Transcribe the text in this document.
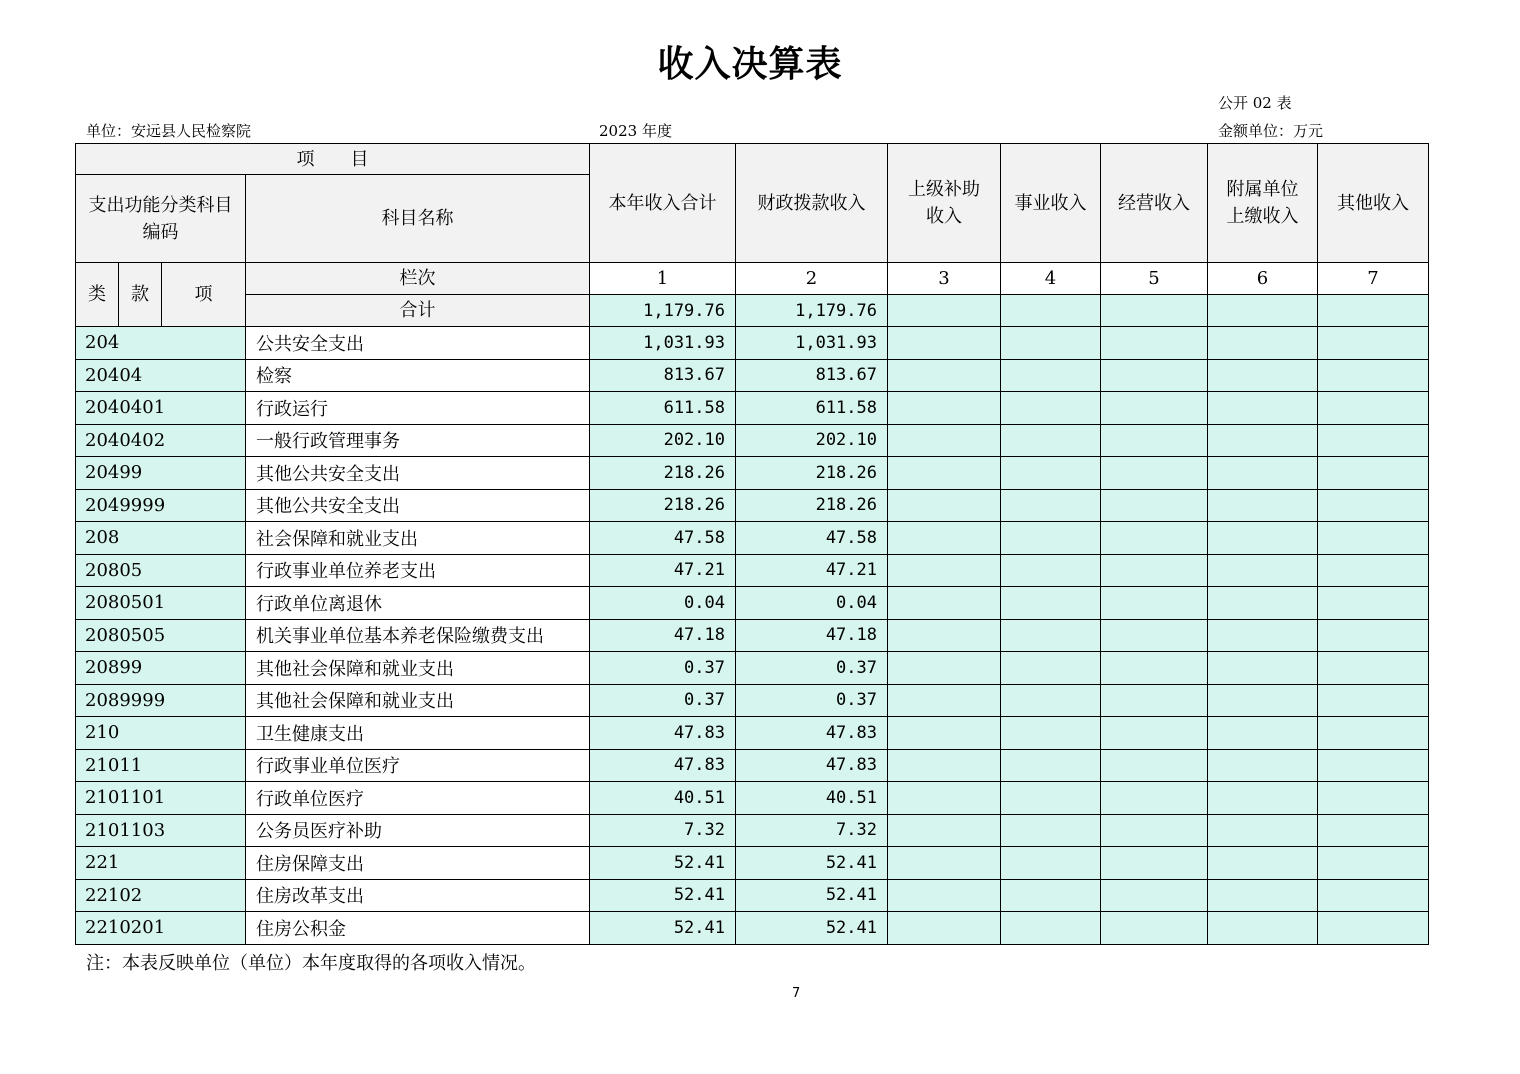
收入决算表
公开 02 表
单位：安远县人民检察院	2023 年度	金额单位：万元
项　　目				本年收入合计	财政拨款收入	上级补助收入	事业收入	经营收入	附属单位上缴收入	其他收入
支出功能分类科目编码			科目名称							
类	款	项	栏次	1	2	3	4	5	6	7
			合计	1,179.76	1,179.76					
204			公共安全支出	1,031.93	1,031.93					
20404			检察	813.67	813.67					
2040401			行政运行	611.58	611.58					
2040402			一般行政管理事务	202.10	202.10					
20499			其他公共安全支出	218.26	218.26					
2049999			其他公共安全支出	218.26	218.26					
208			社会保障和就业支出	47.58	47.58					
20805			行政事业单位养老支出	47.21	47.21					
2080501			行政单位离退休	0.04	0.04					
2080505			机关事业单位基本养老保险缴费支出	47.18	47.18					
20899			其他社会保障和就业支出	0.37	0.37					
2089999			其他社会保障和就业支出	0.37	0.37					
210			卫生健康支出	47.83	47.83					
21011			行政事业单位医疗	47.83	47.83					
2101101			行政单位医疗	40.51	40.51					
2101103			公务员医疗补助	7.32	7.32					
221			住房保障支出	52.41	52.41					
22102			住房改革支出	52.41	52.41					
2210201			住房公积金	52.41	52.41					
注：本表反映单位（单位）本年度取得的各项收入情况。
7
